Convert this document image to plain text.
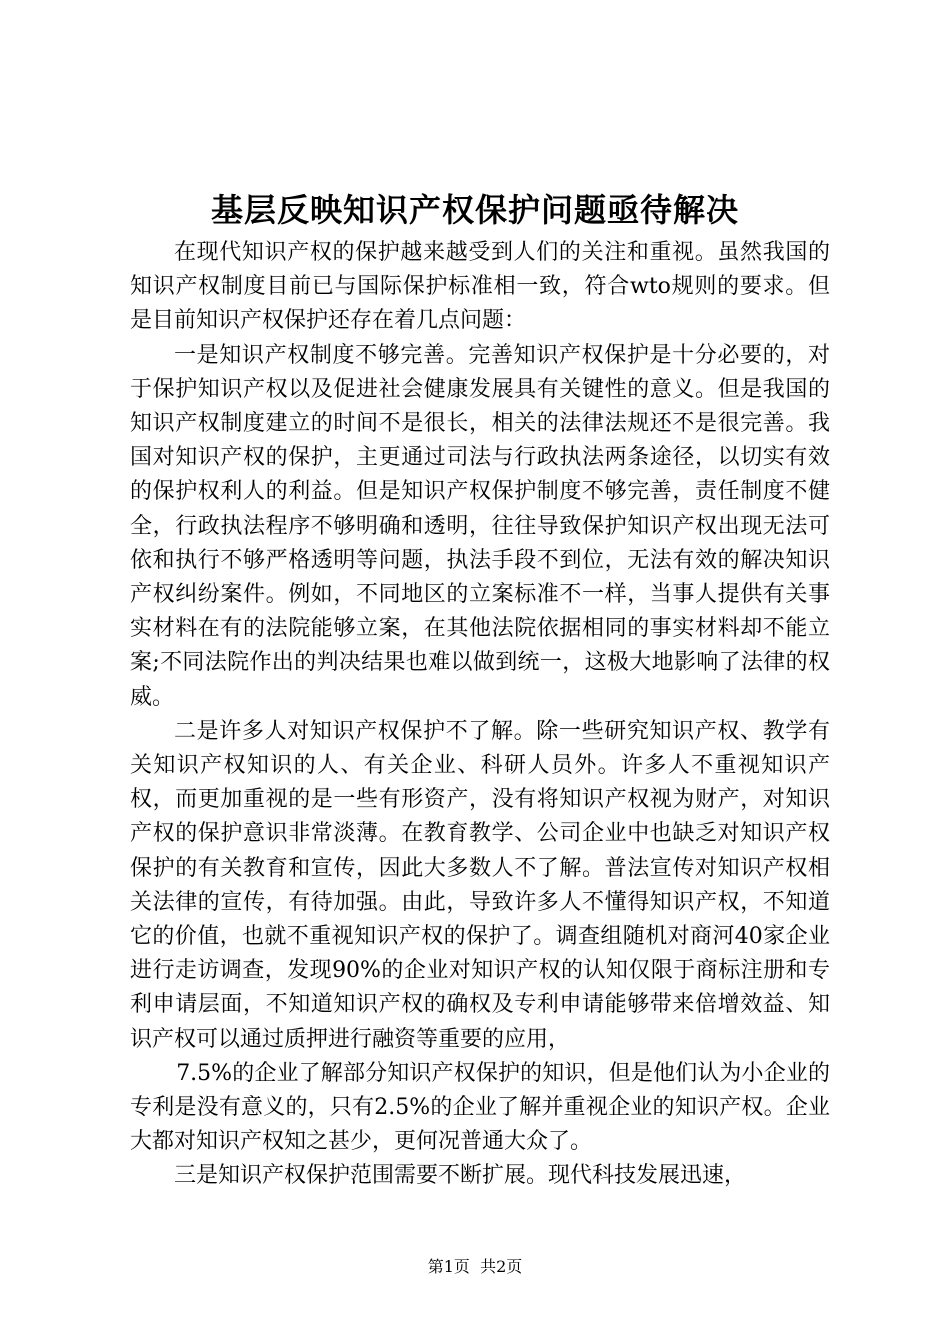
基层反映知识产权保护问题亟待解决

在现代知识产权的保护越来越受到人们的关注和重视。虽然我国的知识产权制度目前已与国际保护标准相一致，符合wto规则的要求。但是目前知识产权保护还存在着几点问题：

一是知识产权制度不够完善。完善知识产权保护是十分必要的，对于保护知识产权以及促进社会健康发展具有关键性的意义。但是我国的知识产权制度建立的时间不是很长，相关的法律法规还不是很完善。我国对知识产权的保护，主更通过司法与行政执法两条途径，以切实有效的保护权利人的利益。但是知识产权保护制度不够完善，责任制度不健全，行政执法程序不够明确和透明，往往导致保护知识产权出现无法可依和执行不够严格透明等问题，执法手段不到位，无法有效的解决知识产权纠纷案件。例如，不同地区的立案标准不一样，当事人提供有关事实材料在有的法院能够立案，在其他法院依据相同的事实材料却不能立案;不同法院作出的判决结果也难以做到统一，这极大地影响了法律的权威。

二是许多人对知识产权保护不了解。除一些研究知识产权、教学有关知识产权知识的人、有关企业、科研人员外。许多人不重视知识产权，而更加重视的是一些有形资产，没有将知识产权视为财产，对知识产权的保护意识非常淡薄。在教育教学、公司企业中也缺乏对知识产权保护的有关教育和宣传，因此大多数人不了解。普法宣传对知识产权相关法律的宣传，有待加强。由此，导致许多人不懂得知识产权，不知道它的价值，也就不重视知识产权的保护了。调查组随机对商河40家企业进行走访调查，发现90%的企业对知识产权的认知仅限于商标注册和专利申请层面，不知道知识产权的确权及专利申请能够带来倍增效益、知识产权可以通过质押进行融资等重要的应用，

7.5%的企业了解部分知识产权保护的知识，但是他们认为小企业的专利是没有意义的，只有2.5%的企业了解并重视企业的知识产权。企业大都对知识产权知之甚少，更何况普通大众了。

三是知识产权保护范围需要不断扩展。现代科技发展迅速，

第1页  共2页
